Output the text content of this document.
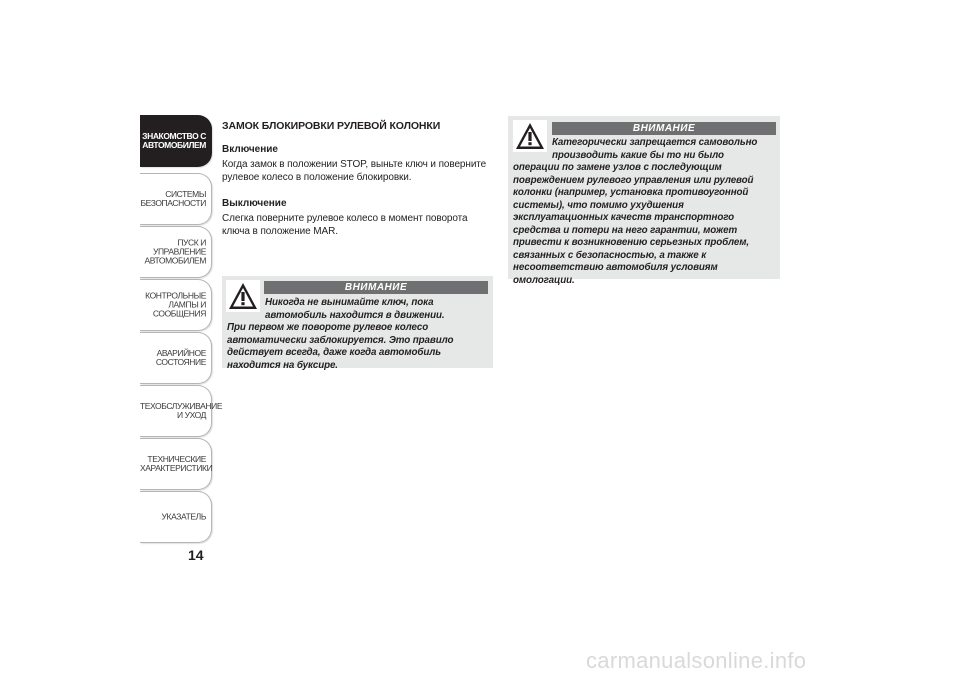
ЗНАКОМСТВО С
АВТОМОБИЛЕМ
СИСТЕМЫ
БЕЗОПАСНОСТИ
ПУСК И УПРАВЛЕНИЕ
АВТОМОБИЛЕМ
КОНТРОЛЬНЫЕ
ЛАМПЫ И
СООБЩЕНИЯ
АВАРИЙНОЕ
СОСТОЯНИЕ
ТЕХОБСЛУЖИВАНИЕ
И УХОД
ТЕХНИЧЕСКИЕ
ХАРАКТЕРИСТИКИ
УКАЗАТЕЛЬ
14
ЗАМОК БЛОКИРОВКИ РУЛЕВОЙ КОЛОНКИ
Включение
Когда замок в положении STOP, выньте ключ и поверните рулевое колесо в положение блокировки.
Выключение
Слегка поверните рулевое колесо в момент поворота ключа в положение MAR.
ВНИМАНИЕ
Никогда не вынимайте ключ, пока автомобиль находится в движении.
При первом же повороте рулевое колесо автоматически заблокируется. Это правило действует всегда, даже когда автомобиль находится на буксире.
ВНИМАНИЕ
Категорически запрещается самовольно производить какие бы то ни было
операции по замене узлов с последующим повреждением рулевого управления или рулевой колонки (например, установка противоугонной системы), что помимо ухудшения эксплуатационных качеств транспортного средства и потери на него гарантии, может привести к возникновению серьезных проблем, связанных с безопасностью, а также к несоответствию автомобиля условиям омологации.
carmanualsonline.info
